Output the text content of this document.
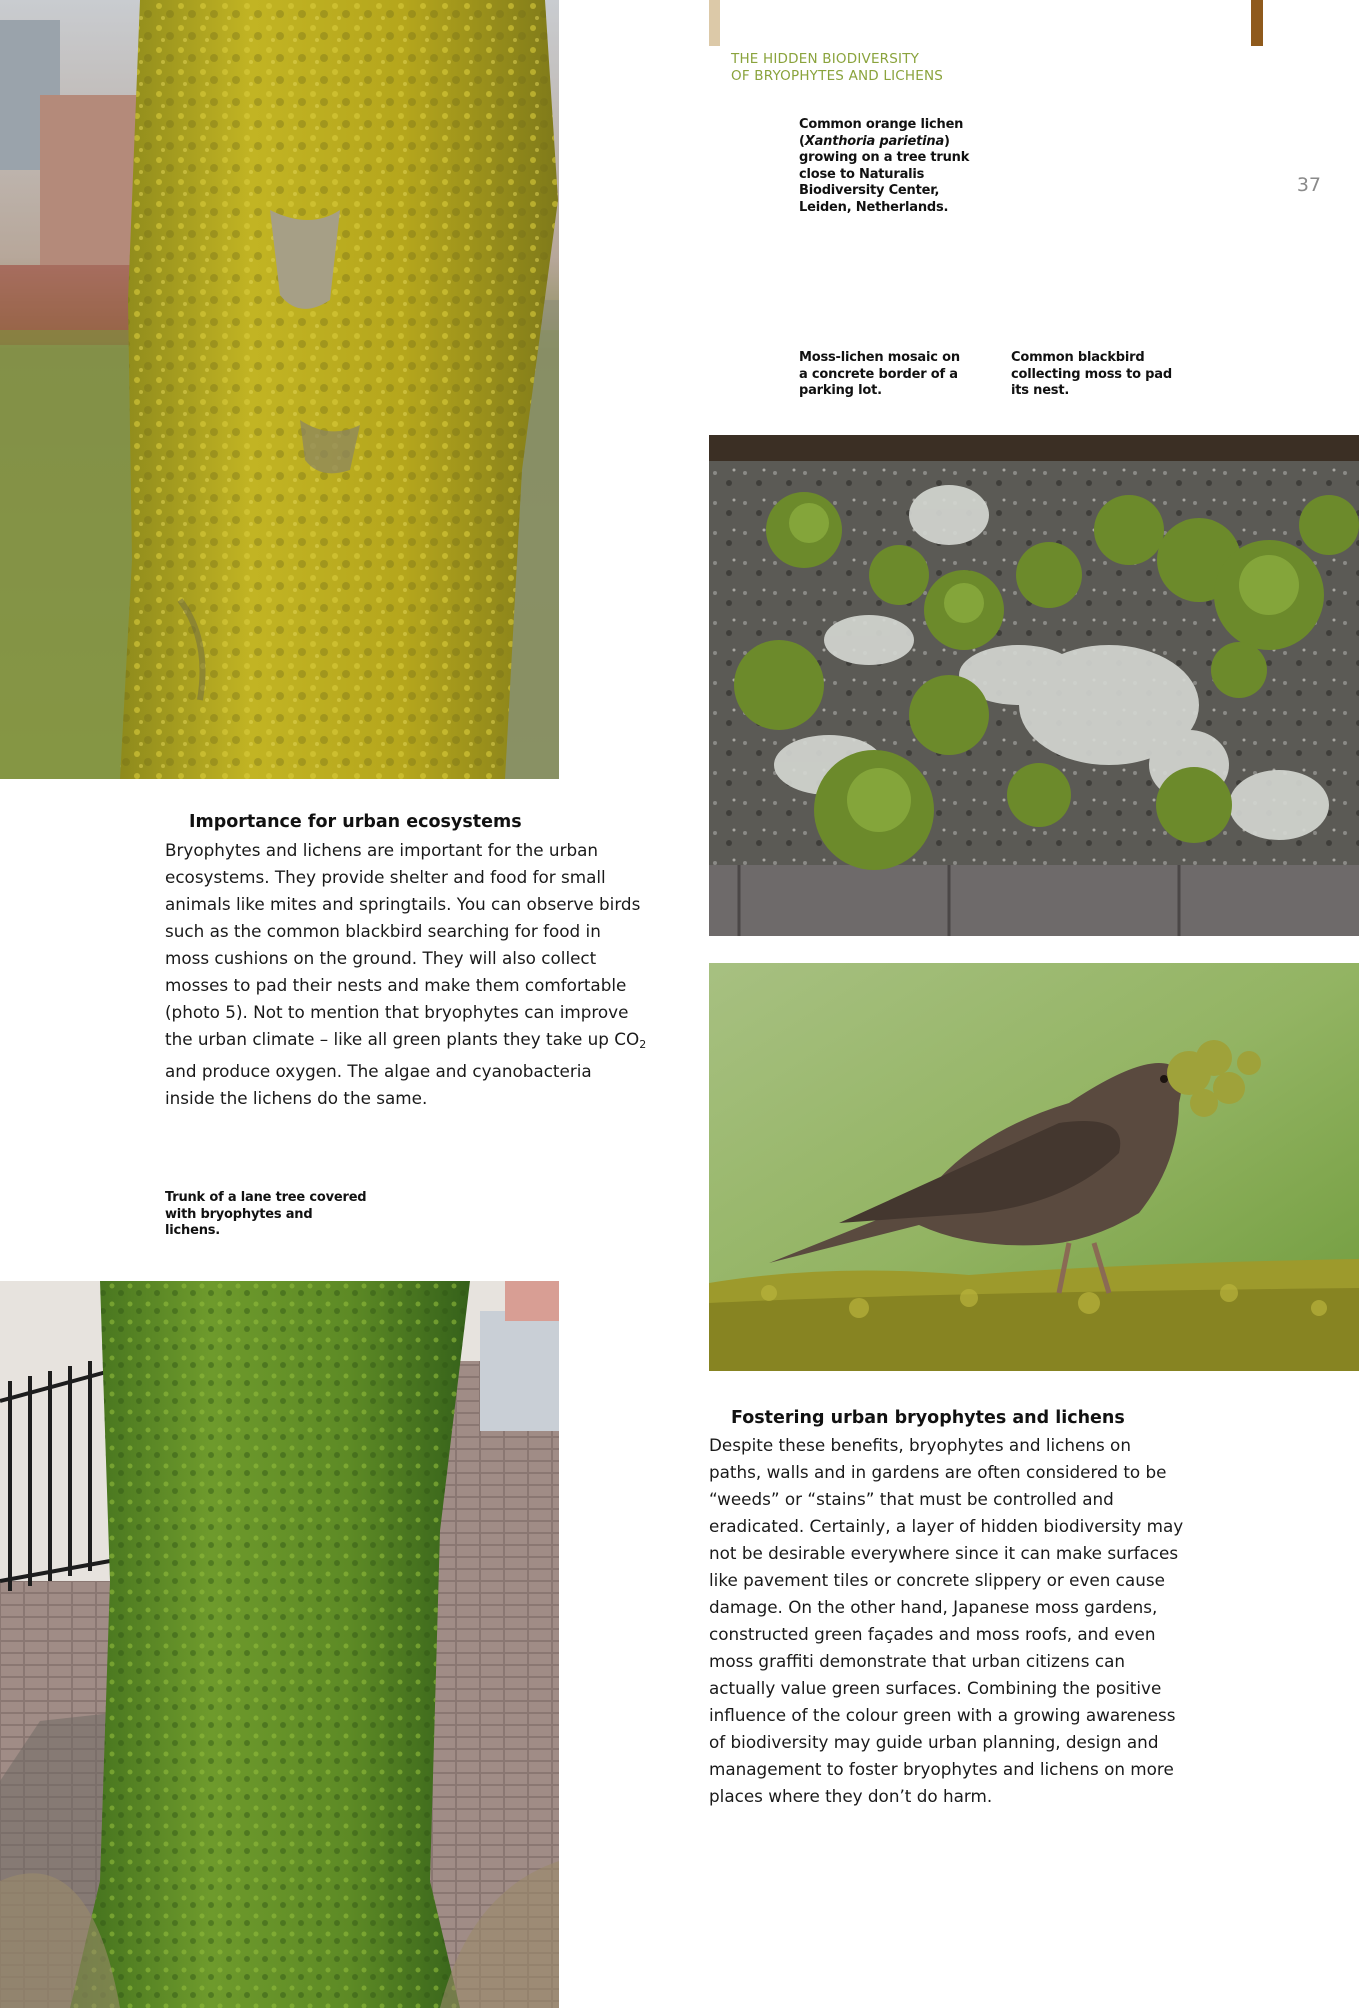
THE HIDDEN BIODIVERSITY
OF BRYOPHYTES AND LICHENS
37
Common orange lichen
(Xanthoria parietina)
growing on a tree trunk
close to Naturalis
Biodiversity Center,
Leiden, Netherlands.
Moss-lichen mosaic on
a concrete border of a
parking lot.
Common blackbird
collecting moss to pad
its nest.
Importance for urban ecosystems
Bryophytes and lichens are important for the urban
ecosystems. They provide shelter and food for small
animals like mites and springtails. You can observe birds
such as the common blackbird searching for food in
moss cushions on the ground. They will also collect
mosses to pad their nests and make them comfortable
(photo 5). Not to mention that bryophytes can improve
the urban climate – like all green plants they take up $CO_2$
and produce oxygen. The algae and cyanobacteria
inside the lichens do the same.
Trunk of a lane tree covered
with bryophytes and
lichens.
Fostering urban bryophytes and lichens
Despite these benefits, bryophytes and lichens on
paths, walls and in gardens are often considered to be
“weeds” or “stains” that must be controlled and
eradicated. Certainly, a layer of hidden biodiversity may
not be desirable everywhere since it can make surfaces
like pavement tiles or concrete slippery or even cause
damage. On the other hand, Japanese moss gardens,
constructed green façades and moss roofs, and even
moss graffiti demonstrate that urban citizens can
actually value green surfaces. Combining the positive
influence of the colour green with a growing awareness
of biodiversity may guide urban planning, design and
management to foster bryophytes and lichens on more
places where they don’t do harm.
